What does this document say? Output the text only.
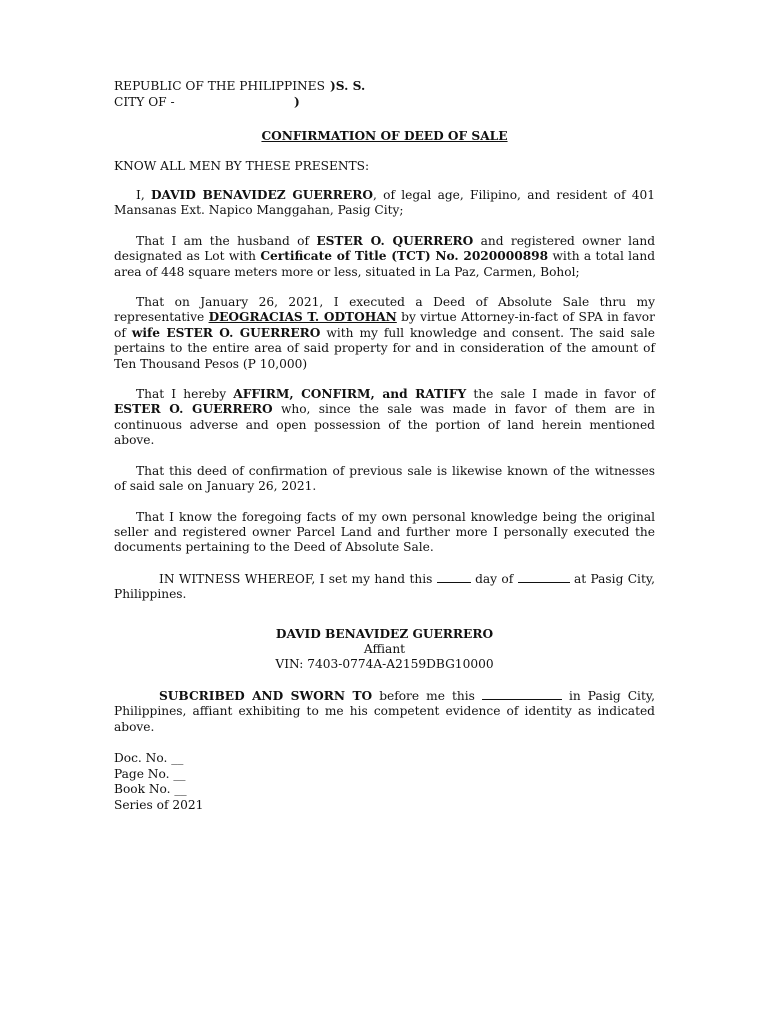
REPUBLIC OF THE PHILIPPINES )S. S.
CITY OF -	)
CONFIRMATION OF DEED OF SALE
KNOW ALL MEN BY THESE PRESENTS:

I, DAVID BENAVIDEZ GUERRERO, of legal age, Filipino, and resident of 401 Mansanas Ext. Napico Manggahan, Pasig City;

That I am the husband of ESTER O. QUERRERO and registered owner land designated as Lot with Certificate of Title (TCT) No. 2020000898 with a total land area of 448 square meters more or less, situated in La Paz, Carmen, Bohol;

That on January 26, 2021, I executed a Deed of Absolute Sale thru my representative DEOGRACIAS T. ODTOHAN by virtue Attorney-in-fact of SPA in favor of wife ESTER O. GUERRERO with my full knowledge and consent. The said sale pertains to the entire area of said property for and in consideration of the amount of Ten Thousand Pesos (P 10,000)

That I hereby AFFIRM, CONFIRM, and RATIFY the sale I made in favor of ESTER O. GUERRERO who, since the sale was made in favor of them are in continuous adverse and open possession of the portion of land herein mentioned above.

That this deed of confirmation of previous sale is likewise known of the witnesses of said sale on January 26, 2021.

That I know the foregoing facts of my own personal knowledge being the original seller and registered owner Parcel Land and further more I personally executed the documents pertaining to the Deed of Absolute Sale.

IN WITNESS WHEREOF, I set my hand this	day of	at Pasig City, Philippines.

DAVID BENAVIDEZ GUERRERO
Affiant
VIN: 7403-0774A-A2159DBG10000

SUBCRIBED AND SWORN TO before me this	in Pasig City, Philippines, affiant exhibiting to me his competent evidence of identity as indicated above.

Doc. No. __
Page No. __
Book No. __
Series of 2021
